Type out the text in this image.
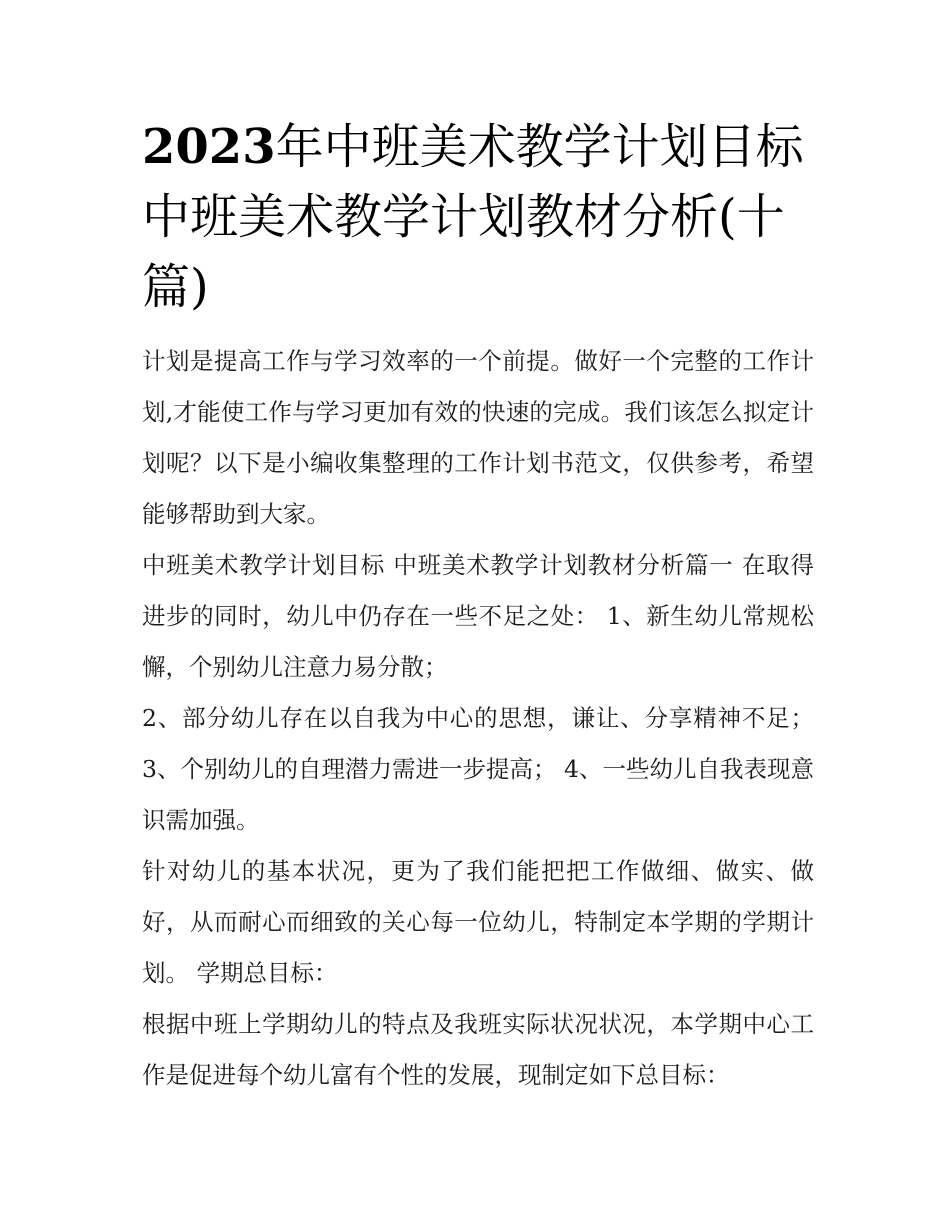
2023年中班美术教学计划目标 中班美术教学计划教材分析(十篇)

计划是提高工作与学习效率的一个前提。做好一个完整的工作计划,才能使工作与学习更加有效的快速的完成。我们该怎么拟定计划呢？以下是小编收集整理的工作计划书范文，仅供参考，希望能够帮助到大家。

中班美术教学计划目标 中班美术教学计划教材分析篇一 在取得进步的同时，幼儿中仍存在一些不足之处： 1、新生幼儿常规松懈，个别幼儿注意力易分散；

2、部分幼儿存在以自我为中心的思想，谦让、分享精神不足； 3、个别幼儿的自理潜力需进一步提高； 4、一些幼儿自我表现意识需加强。

针对幼儿的基本状况，更为了我们能把把工作做细、做实、做好，从而耐心而细致的关心每一位幼儿，特制定本学期的学期计划。 学期总目标：

根据中班上学期幼儿的特点及我班实际状况状况，本学期中心工作是促进每个幼儿富有个性的发展，现制定如下总目标：
